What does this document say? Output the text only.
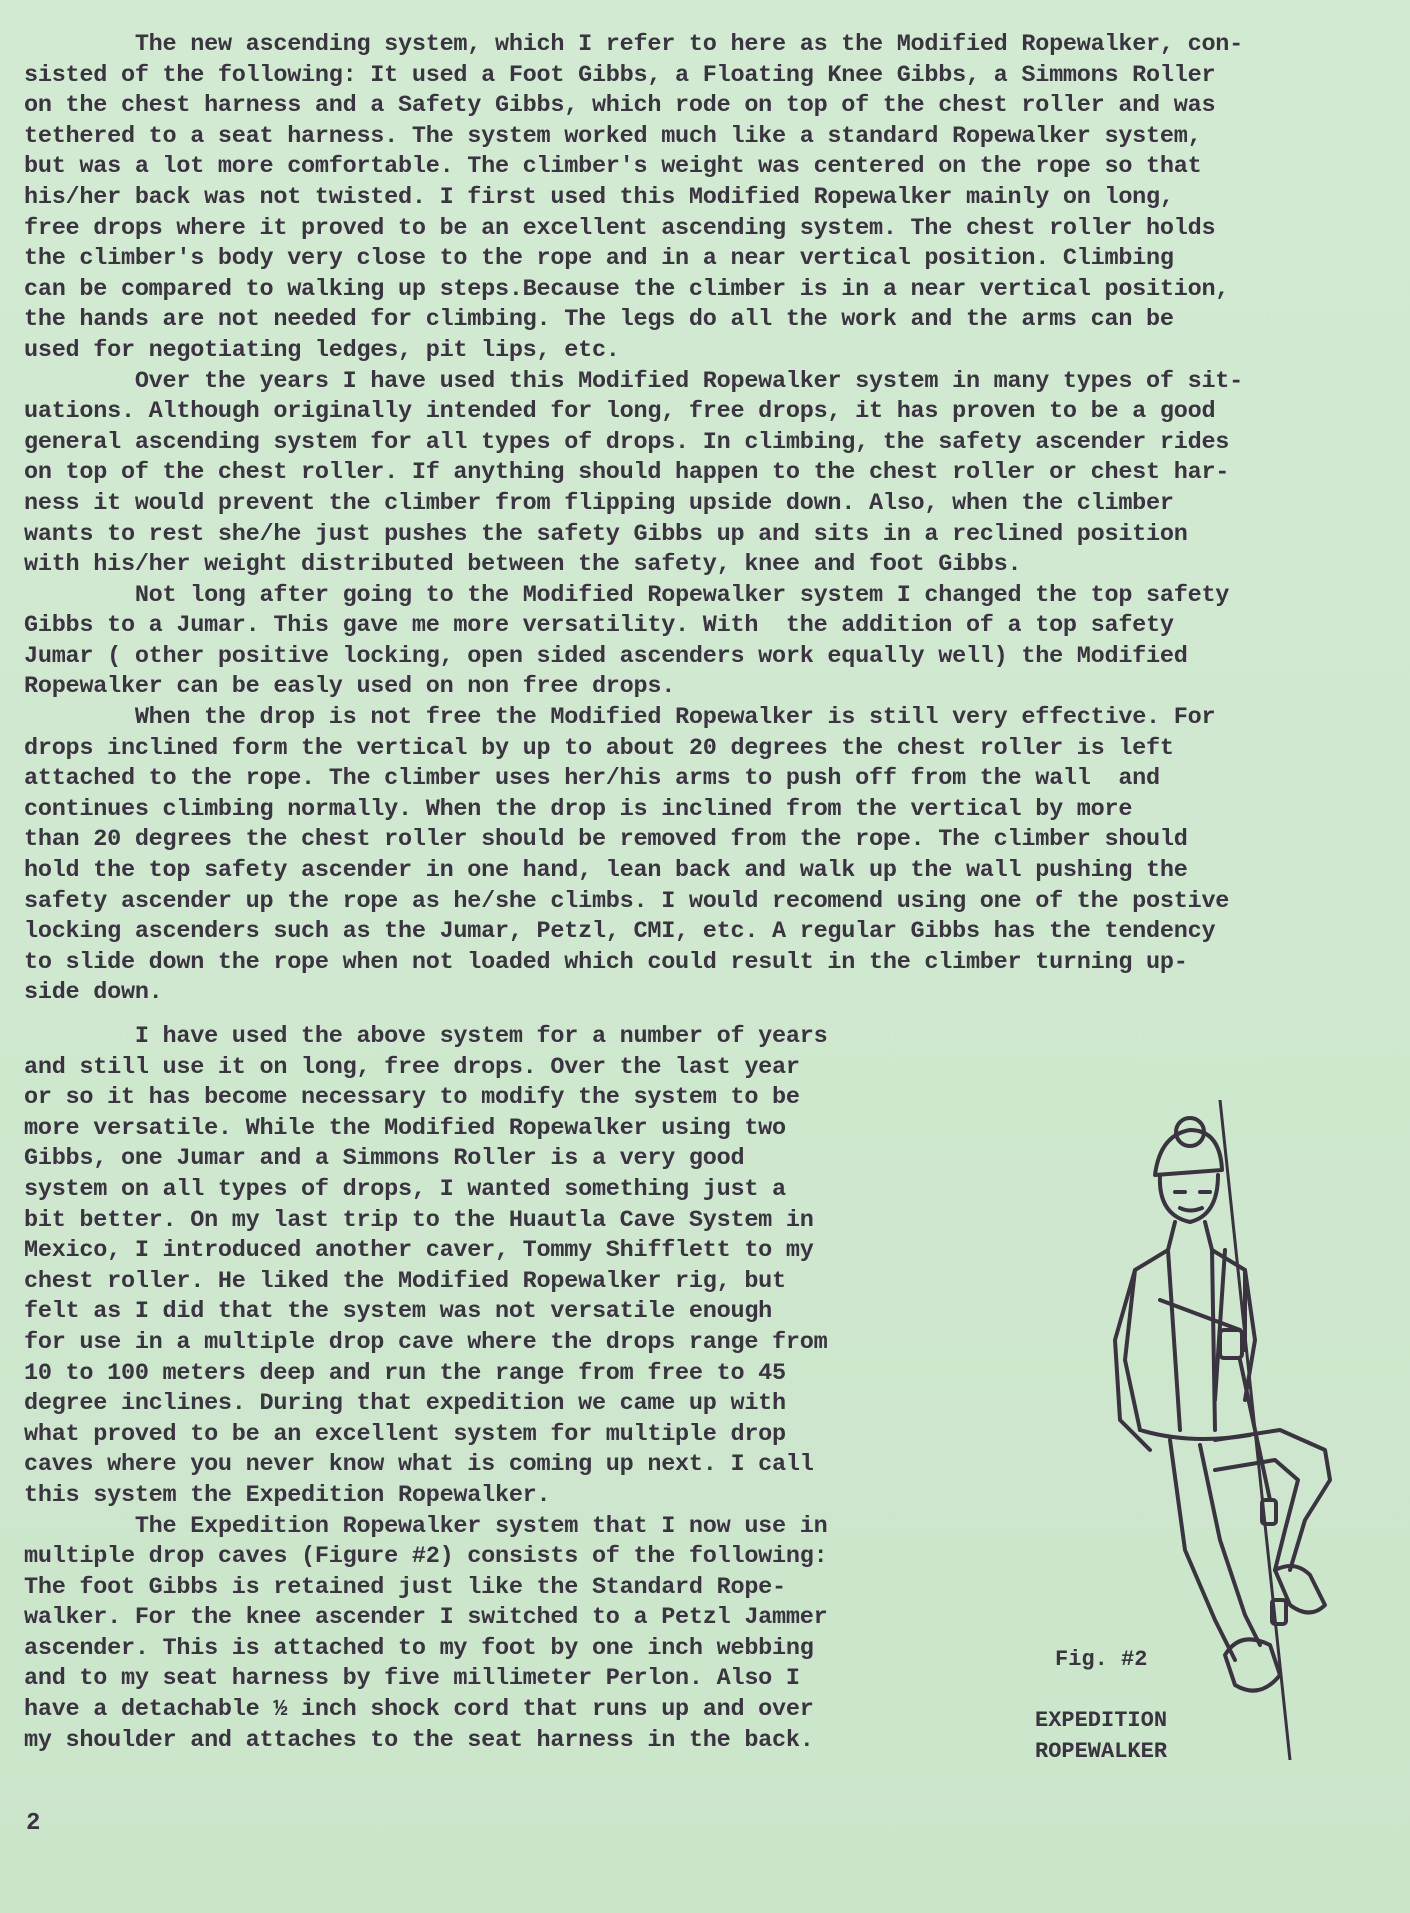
The new ascending system, which I refer to here as the Modified Ropewalker, con-
sisted of the following: It used a Foot Gibbs, a Floating Knee Gibbs, a Simmons Roller
on the chest harness and a Safety Gibbs, which rode on top of the chest roller and was
tethered to a seat harness. The system worked much like a standard Ropewalker system,
but was a lot more comfortable. The climber's weight was centered on the rope so that
his/her back was not twisted. I first used this Modified Ropewalker mainly on long,
free drops where it proved to be an excellent ascending system. The chest roller holds
the climber's body very close to the rope and in a near vertical position. Climbing
can be compared to walking up steps.Because the climber is in a near vertical position,
the hands are not needed for climbing. The legs do all the work and the arms can be
used for negotiating ledges, pit lips, etc.

Over the years I have used this Modified Ropewalker system in many types of sit-
uations. Although originally intended for long, free drops, it has proven to be a good
general ascending system for all types of drops. In climbing, the safety ascender rides
on top of the chest roller. If anything should happen to the chest roller or chest har-
ness it would prevent the climber from flipping upside down. Also, when the climber
wants to rest she/he just pushes the safety Gibbs up and sits in a reclined position
with his/her weight distributed between the safety, knee and foot Gibbs.

Not long after going to the Modified Ropewalker system I changed the top safety
Gibbs to a Jumar. This gave me more versatility. With  the addition of a top safety
Jumar ( other positive locking, open sided ascenders work equally well) the Modified
Ropewalker can be easly used on non free drops.

When the drop is not free the Modified Ropewalker is still very effective. For
drops inclined form the vertical by up to about 20 degrees the chest roller is left
attached to the rope. The climber uses her/his arms to push off from the wall  and
continues climbing normally. When the drop is inclined from the vertical by more
than 20 degrees the chest roller should be removed from the rope. The climber should
hold the top safety ascender in one hand, lean back and walk up the wall pushing the
safety ascender up the rope as he/she climbs. I would recomend using one of the postive
locking ascenders such as the Jumar, Petzl, CMI, etc. A regular Gibbs has the tendency
to slide down the rope when not loaded which could result in the climber turning up-
side down.

I have used the above system for a number of years
and still use it on long, free drops. Over the last year
or so it has become necessary to modify the system to be
more versatile. While the Modified Ropewalker using two
Gibbs, one Jumar and a Simmons Roller is a very good
system on all types of drops, I wanted something just a
bit better. On my last trip to the Huautla Cave System in
Mexico, I introduced another caver, Tommy Shifflett to my
chest roller. He liked the Modified Ropewalker rig, but
felt as I did that the system was not versatile enough
for use in a multiple drop cave where the drops range from
10 to 100 meters deep and run the range from free to 45
degree inclines. During that expedition we came up with
what proved to be an excellent system for multiple drop
caves where you never know what is coming up next. I call
this system the Expedition Ropewalker.

The Expedition Ropewalker system that I now use in
multiple drop caves (Figure #2) consists of the following:
The foot Gibbs is retained just like the Standard Rope-
walker. For the knee ascender I switched to a Petzl Jammer
ascender. This is attached to my foot by one inch webbing
and to my seat harness by five millimeter Perlon. Also I
have a detachable ½ inch shock cord that runs up and over
my shoulder and attaches to the seat harness in the back.

Fig. #2
EXPEDITION
ROPEWALKER
2
